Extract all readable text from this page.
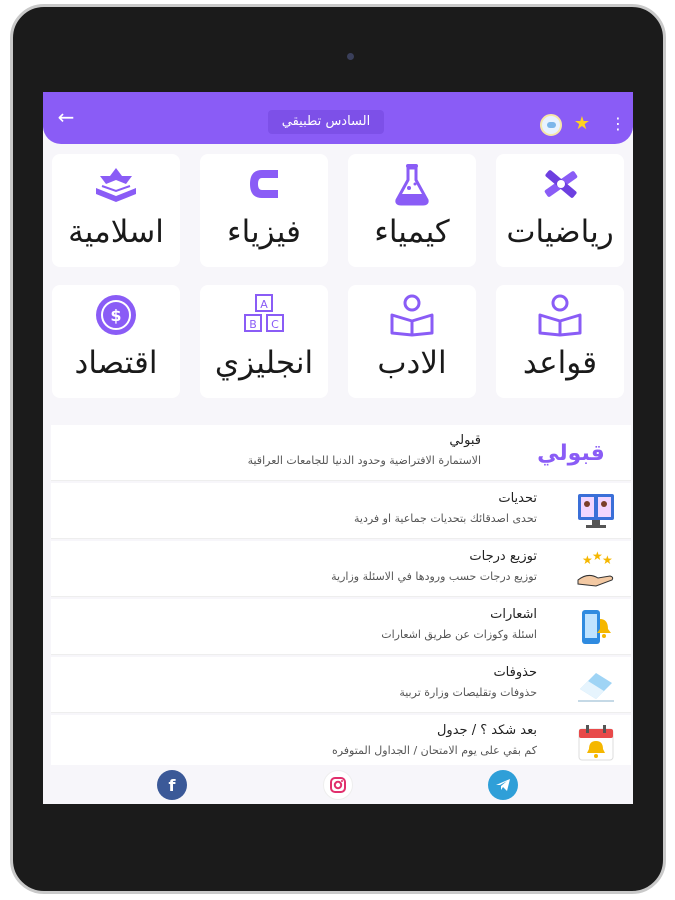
←	السادس تطبيقي	★ ⋮
رياضيات
كيمياء
فيزياء
اسلامية
قواعد
الادب
A
B C
انجليزي
$
اقتصاد
قبولي
قبولي
الاستمارة الافتراضية وحدود الدنيا للجامعات العراقية
تحديات
تحدى اصدقائك بتحديات جماعية او فردية
★ ★ ★
توزيع درجات
توزيع درجات حسب ورودها في الاسئلة وزارية
اشعارات
اسئلة وكوزات عن طريق اشعارات
حذوفات
حذوفات وتقليصات وزارة تربية
بعد شكد ؟ / جدول
كم بقي على يوم الامتحان / الجداول المتوفره
f
